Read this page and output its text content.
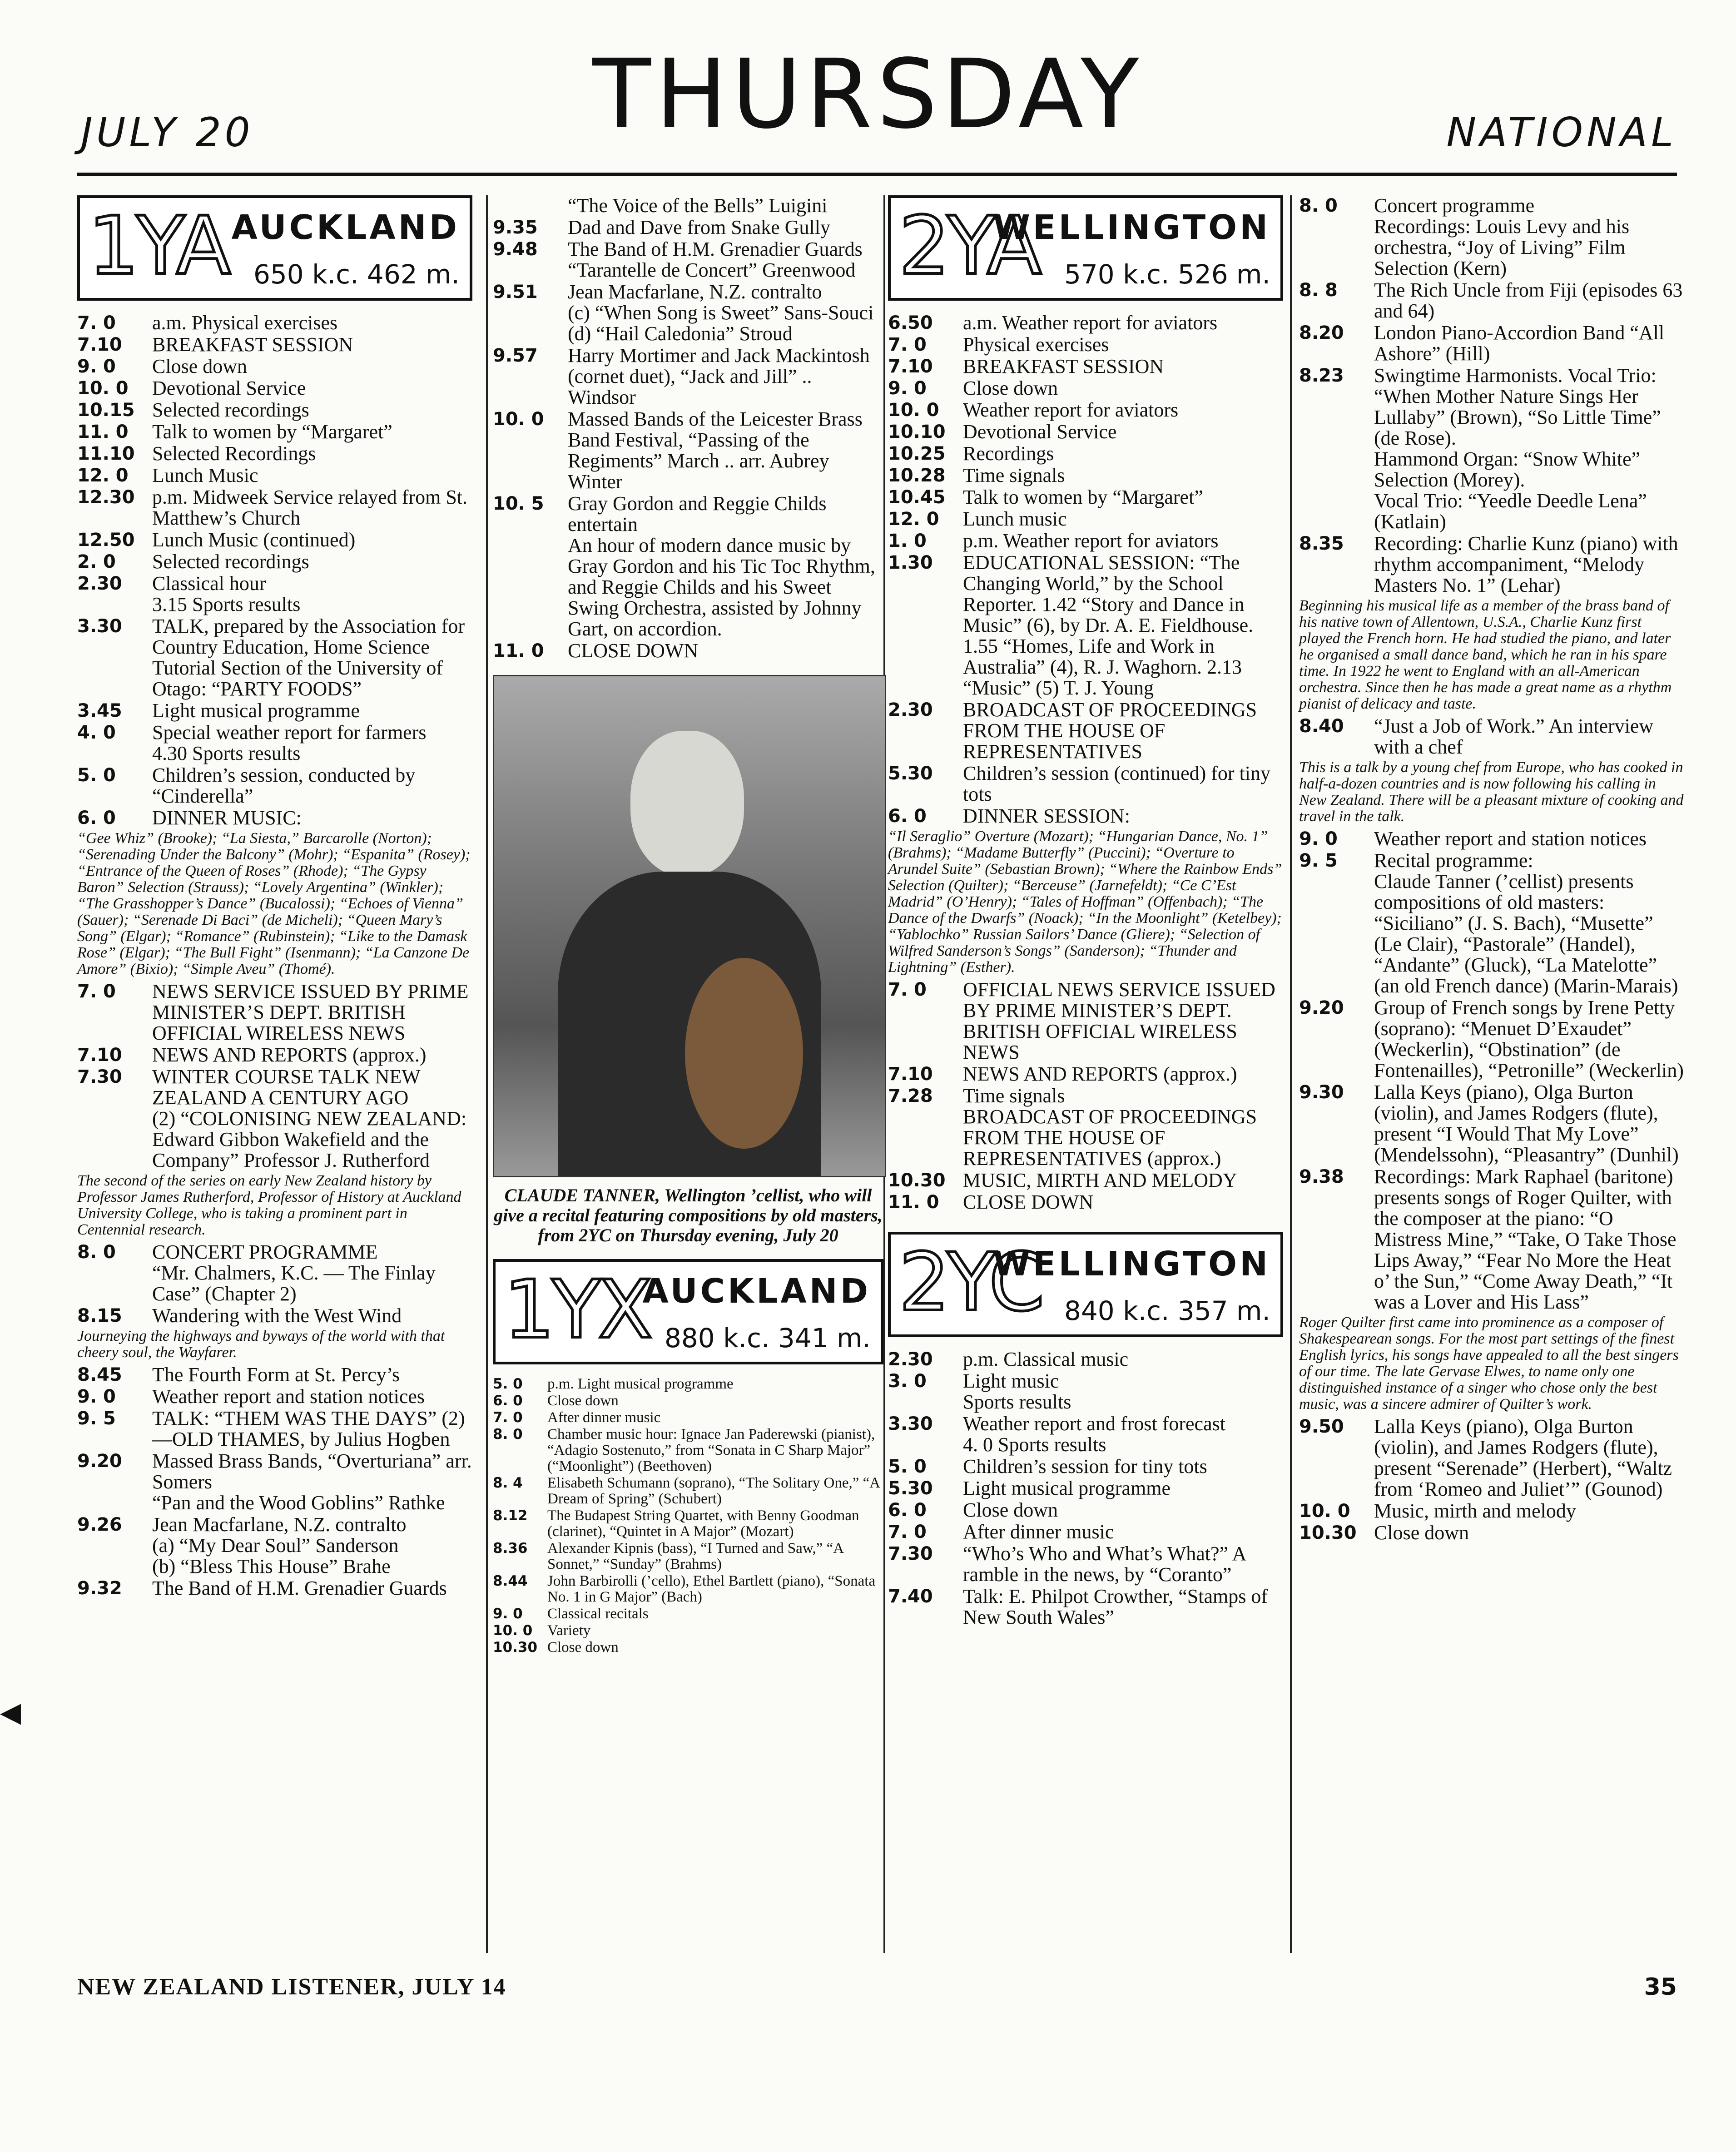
JULY 20	THURSDAY	NATIONAL
1YA AUCKLAND
650 k.c. 462 m.
7. 0	a.m. Physical exercises
7.10	BREAKFAST SESSION
9. 0	Close down
10. 0	Devotional Service
10.15 Selected recordings
11. 0	Talk to women by “Margaret”
11.10 Selected Recordings
12. 0	Lunch Music
12.30 p.m. Midweek Service relayed from St. Matthew’s Church
12.50 Lunch Music (continued)
2. 0	Selected recordings
2.30	Classical hour
3.15 Sports results
3.30	TALK, prepared by the Association for Country Education, Home Science Tutorial Section of the University of Otago: “PARTY FOODS”
3.45	Light musical programme
4. 0	Special weather report for farmers
4.30 Sports results
5. 0	Children’s session, conducted by “Cinderella”
6. 0	DINNER MUSIC:
“Gee Whiz” (Brooke); “La Siesta,” Barcarolle (Norton); “Serenading Under the Balcony” (Mohr); “Espanita” (Rosey); “Entrance of the Queen of Roses” (Rhode); “The Gypsy Baron” Selection (Strauss); “Lovely Argentina” (Winkler); “The Grasshopper’s Dance” (Bucalossi); “Echoes of Vienna” (Sauer); “Serenade Di Baci” (de Micheli); “Queen Mary’s Song” (Elgar); “Romance” (Rubinstein); “Like to the Damask Rose” (Elgar); “The Bull Fight” (Isenmann); “La Canzone De Amore” (Bixio); “Simple Aveu” (Thomé).
7. 0	NEWS SERVICE ISSUED BY PRIME MINISTER’S DEPT. BRITISH OFFICIAL WIRELESS NEWS
7.10	NEWS AND REPORTS (approx.)
7.30	WINTER COURSE TALK NEW ZEALAND A CENTURY AGO
(2) “COLONISING NEW ZEALAND: Edward Gibbon Wakefield and the Company” Professor J. Rutherford
The second of the series on early New Zealand history by Professor James Rutherford, Professor of History at Auckland University College, who is taking a prominent part in Centennial research.
8. 0	CONCERT PROGRAMME
“Mr. Chalmers, K.C. — The Finlay Case” (Chapter 2)
8.15	Wandering with the West Wind
Journeying the highways and byways of the world with that cheery soul, the Wayfarer.
8.45	The Fourth Form at St. Percy’s
9. 0	Weather report and station notices
9. 5	TALK: “THEM WAS THE DAYS” (2)—OLD THAMES, by Julius Hogben
9.20	Massed Brass Bands, “Overturiana” arr. Somers
“Pan and the Wood Goblins” Rathke
9.26	Jean Macfarlane, N.Z. contralto
(a) “My Dear Soul” Sanderson
(b) “Bless This House” Brahe
9.32	The Band of H.M. Grenadier Guards
“The Voice of the Bells” Luigini
9.35	Dad and Dave from Snake Gully
9.48	The Band of H.M. Grenadier Guards
“Tarantelle de Concert” Greenwood
9.51	Jean Macfarlane, N.Z. contralto
(c) “When Song is Sweet” Sans-Souci
(d) “Hail Caledonia” Stroud
9.57	Harry Mortimer and Jack Mackintosh (cornet duet), “Jack and Jill” .. Windsor
10. 0	Massed Bands of the Leicester Brass Band Festival, “Passing of the Regiments” March .. arr. Aubrey Winter
10. 5	Gray Gordon and Reggie Childs entertain
An hour of modern dance music by Gray Gordon and his Tic Toc Rhythm, and Reggie Childs and his Sweet Swing Orchestra, assisted by Johnny Gart, on accordion.
11. 0	CLOSE DOWN
CLAUDE TANNER, Wellington ’cellist, who will give a recital featuring compositions by old masters, from 2YC on Thursday evening, July 20
1YX
AUCKLAND
880 k.c. 341 m.
5. 0	p.m. Light musical programme
6. 0	Close down
7. 0	After dinner music
8. 0	Chamber music hour: Ignace Jan Paderewski (pianist), “Adagio Sostenuto,” from “Sonata in C Sharp Major” (“Moonlight”) (Beethoven)
8. 4	Elisabeth Schumann (soprano), “The Solitary One,” “A Dream of Spring” (Schubert)
8.12	The Budapest String Quartet, with Benny Goodman (clarinet), “Quintet in A Major” (Mozart)
8.36	Alexander Kipnis (bass), “I Turned and Saw,” “A Sonnet,” “Sunday” (Brahms)
8.44	John Barbirolli (’cello), Ethel Bartlett (piano), “Sonata No. 1 in G Major” (Bach)
9. 0	Classical recitals
10. 0 Variety
10.30 Close down
2YA
WELLINGTON
570 k.c. 526 m.
6.50	a.m. Weather report for aviators
7. 0	Physical exercises
7.10	BREAKFAST SESSION
9. 0	Close down
10. 0	Weather report for aviators
10.10 Devotional Service
10.25 Recordings
10.28 Time signals
10.45 Talk to women by “Margaret”
12. 0	Lunch music
1. 0	p.m. Weather report for aviators
1.30	EDUCATIONAL SESSION: “The Changing World,” by the School Reporter. 1.42 “Story and Dance in Music” (6), by Dr. A. E. Fieldhouse. 1.55 “Homes, Life and Work in Australia” (4), R. J. Waghorn. 2.13 “Music” (5) T. J. Young
2.30	BROADCAST OF PROCEEDINGS FROM THE HOUSE OF REPRESENTATIVES
5.30	Children’s session (continued) for tiny tots
6. 0	DINNER SESSION:
“Il Seraglio” Overture (Mozart); “Hungarian Dance, No. 1” (Brahms); “Madame Butterfly” (Puccini); “Overture to Arundel Suite” (Sebastian Brown); “Where the Rainbow Ends” Selection (Quilter); “Berceuse” (Jarnefeldt); “Ce C’Est Madrid” (O’Henry); “Tales of Hoffman” (Offenbach); “The Dance of the Dwarfs” (Noack); “In the Moonlight” (Ketelbey); “Yablochko” Russian Sailors’ Dance (Gliere); “Selection of Wilfred Sanderson’s Songs” (Sanderson); “Thunder and Lightning” (Esther).
7. 0	OFFICIAL NEWS SERVICE ISSUED BY PRIME MINISTER’S DEPT. BRITISH OFFICIAL WIRELESS NEWS
7.10	NEWS AND REPORTS (approx.)
7.28	Time signals
BROADCAST OF PROCEEDINGS FROM THE HOUSE OF REPRESENTATIVES (approx.)
10.30 MUSIC, MIRTH AND MELODY
11. 0	CLOSE DOWN
2YC
WELLINGTON
840 k.c. 357 m.
2.30	p.m. Classical music
3. 0	Light music
Sports results
3.30	Weather report and frost forecast
4. 0 Sports results
5. 0	Children’s session for tiny tots
5.30	Light musical programme
6. 0	Close down
7. 0	After dinner music
7.30	“Who’s Who and What’s What?” A ramble in the news, by “Coranto”
7.40	Talk: E. Philpot Crowther, “Stamps of New South Wales”
8. 0	Concert programme
Recordings: Louis Levy and his orchestra, “Joy of Living” Film Selection (Kern)
8. 8	The Rich Uncle from Fiji (episodes 63 and 64)
8.20	London Piano-Accordion Band “All Ashore” (Hill)
8.23	Swingtime Harmonists. Vocal Trio: “When Mother Nature Sings Her Lullaby” (Brown), “So Little Time” (de Rose).
Hammond Organ: “Snow White” Selection (Morey).
Vocal Trio: “Yeedle Deedle Lena” (Katlain)
8.35	Recording: Charlie Kunz (piano) with rhythm accompaniment, “Melody Masters No. 1” (Lehar)
Beginning his musical life as a member of the brass band of his native town of Allentown, U.S.A., Charlie Kunz first played the French horn. He had studied the piano, and later he organised a small dance band, which he ran in his spare time. In 1922 he went to England with an all-American orchestra. Since then he has made a great name as a rhythm pianist of delicacy and taste.
8.40	“Just a Job of Work.” An interview with a chef
This is a talk by a young chef from Europe, who has cooked in half-a-dozen countries and is now following his calling in New Zealand. There will be a pleasant mixture of cooking and travel in the talk.
9. 0	Weather report and station notices
9. 5	Recital programme:
Claude Tanner (’cellist) presents compositions of old masters: “Siciliano” (J. S. Bach), “Musette” (Le Clair), “Pastorale” (Handel), “Andante” (Gluck), “La Matelotte” (an old French dance) (Marin-Marais)
9.20	Group of French songs by Irene Petty (soprano): “Menuet D’Exaudet” (Weckerlin), “Obstination” (de Fontenailles), “Petronille” (Weckerlin)
9.30	Lalla Keys (piano), Olga Burton (violin), and James Rodgers (flute), present “I Would That My Love” (Mendelssohn), “Pleasantry” (Dunhil)
9.38	Recordings: Mark Raphael (baritone) presents songs of Roger Quilter, with the composer at the piano: “O Mistress Mine,” “Take, O Take Those Lips Away,” “Fear No More the Heat o’ the Sun,” “Come Away Death,” “It was a Lover and His Lass”
Roger Quilter first came into prominence as a composer of Shakespearean songs. For the most part settings of the finest English lyrics, his songs have appealed to all the best singers of our time. The late Gervase Elwes, to name only one distinguished instance of a singer who chose only the best music, was a sincere admirer of Quilter’s work.
9.50	Lalla Keys (piano), Olga Burton (violin), and James Rodgers (flute), present “Serenade” (Herbert), “Waltz from ‘Romeo and Juliet’” (Gounod)
10. 0	Music, mirth and melody
10.30 Close down
◀
NEW ZEALAND LISTENER, JULY 14	35
